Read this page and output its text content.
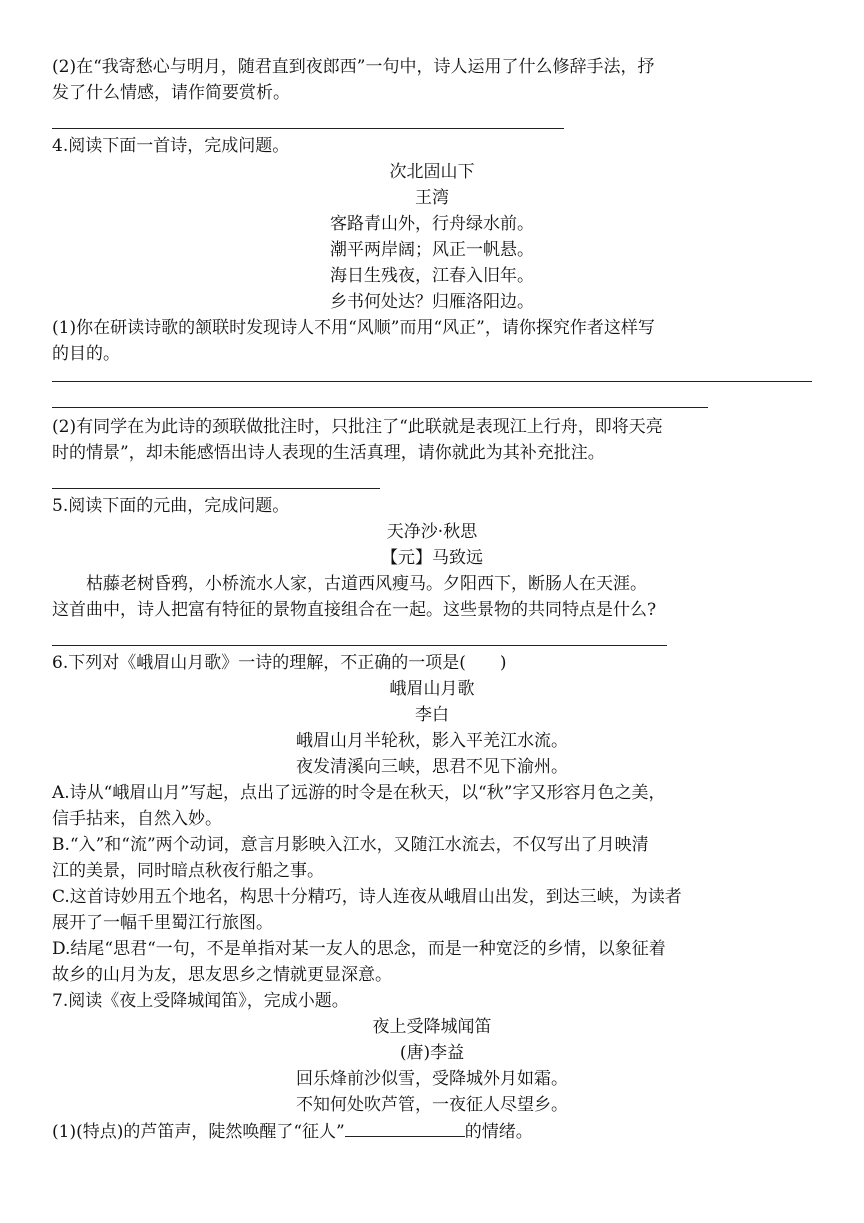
(2)在“我寄愁心与明月，随君直到夜郎西”一句中，诗人运用了什么修辞手法，抒

发了什么情感，请作简要赏析。

4.阅读下面一首诗，完成问题。

次北固山下

王湾

客路青山外，行舟绿水前。

潮平两岸阔；风正一帆悬。

海日生残夜，江春入旧年。

乡书何处达？归雁洛阳边。

(1)你在研读诗歌的颔联时发现诗人不用“风顺”而用“风正”，请你探究作者这样写

的目的。

(2)有同学在为此诗的颈联做批注时，只批注了“此联就是表现江上行舟，即将天亮

时的情景”，却未能感悟出诗人表现的生活真理，请你就此为其补充批注。

5.阅读下面的元曲，完成问题。

天净沙·秋思

【元】马致远

枯藤老树昏鸦，小桥流水人家，古道西风瘦马。夕阳西下，断肠人在天涯。

这首曲中，诗人把富有特征的景物直接组合在一起。这些景物的共同特点是什么?

6.下列对《峨眉山月歌》一诗的理解，不正确的一项是(　　)

峨眉山月歌

李白

峨眉山月半轮秋，影入平羌江水流。

夜发清溪向三峡，思君不见下渝州。

A.诗从“峨眉山月”写起，点出了远游的时令是在秋天，以“秋”字又形容月色之美，

信手拈来，自然入妙。

B.“入”和“流”两个动词，意言月影映入江水，又随江水流去，不仅写出了月映清

江的美景，同时暗点秋夜行船之事。

C.这首诗妙用五个地名，构思十分精巧，诗人连夜从峨眉山出发，到达三峡，为读者

展开了一幅千里蜀江行旅图。

D.结尾“思君“一句，不是单指对某一友人的思念，而是一种宽泛的乡情，以象征着

故乡的山月为友，思友思乡之情就更显深意。

7.阅读《夜上受降城闻笛》，完成小题。

夜上受降城闻笛

(唐)李益

回乐烽前沙似雪，受降城外月如霜。

不知何处吹芦管，一夜征人尽望乡。

(1)(特点)的芦笛声，陡然唤醒了“征人”	的情绪。
